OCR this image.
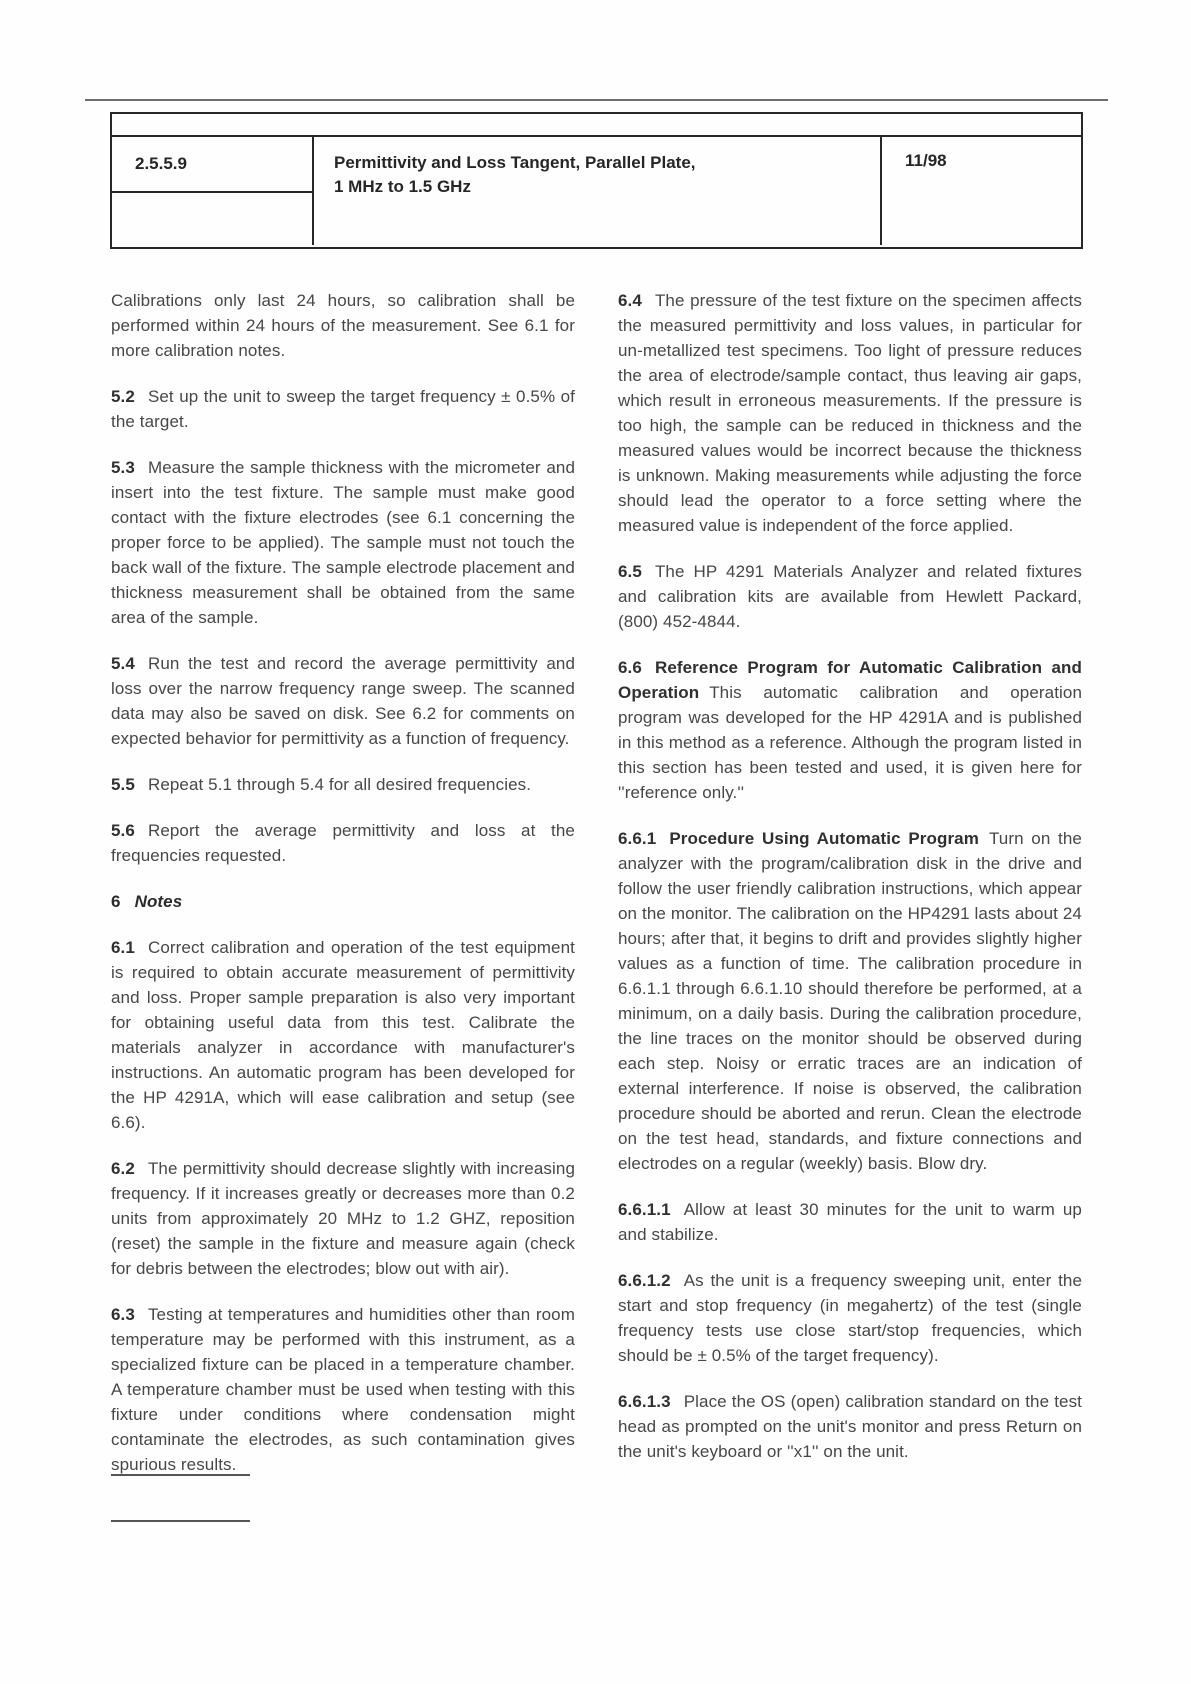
2.5.5.9	Permittivity and Loss Tangent, Parallel Plate,
1 MHz to 1.5 GHz
11/98
Calibrations only last 24 hours, so calibration shall be performed within 24 hours of the measurement. See 6.1 for more calibration notes.
5.2 Set up the unit to sweep the target frequency ± 0.5% of the target.
5.3 Measure the sample thickness with the micrometer and insert into the test fixture. The sample must make good contact with the fixture electrodes (see 6.1 concerning the proper force to be applied). The sample must not touch the back wall of the fixture. The sample electrode placement and thickness measurement shall be obtained from the same area of the sample.
5.4 Run the test and record the average permittivity and loss over the narrow frequency range sweep. The scanned data may also be saved on disk. See 6.2 for comments on expected behavior for permittivity as a function of frequency.
5.5 Repeat 5.1 through 5.4 for all desired frequencies.
5.6 Report the average permittivity and loss at the frequencies requested.
6 Notes
6.1 Correct calibration and operation of the test equipment is required to obtain accurate measurement of permittivity and loss. Proper sample preparation is also very important for obtaining useful data from this test. Calibrate the materials analyzer in accordance with manufacturer's instructions. An automatic program has been developed for the HP 4291A, which will ease calibration and setup (see 6.6).
6.2 The permittivity should decrease slightly with increasing frequency. If it increases greatly or decreases more than 0.2 units from approximately 20 MHz to 1.2 GHZ, reposition (reset) the sample in the fixture and measure again (check for debris between the electrodes; blow out with air).
6.3 Testing at temperatures and humidities other than room temperature may be performed with this instrument, as a specialized fixture can be placed in a temperature chamber. A temperature chamber must be used when testing with this fixture under conditions where condensation might contaminate the electrodes, as such contamination gives spurious results.
6.4 The pressure of the test fixture on the specimen affects the measured permittivity and loss values, in particular for un-metallized test specimens. Too light of pressure reduces the area of electrode/sample contact, thus leaving air gaps, which result in erroneous measurements. If the pressure is too high, the sample can be reduced in thickness and the measured values would be incorrect because the thickness is unknown. Making measurements while adjusting the force should lead the operator to a force setting where the measured value is independent of the force applied.
6.5 The HP 4291 Materials Analyzer and related fixtures and calibration kits are available from Hewlett Packard, (800) 452-4844.
6.6 Reference Program for Automatic Calibration and Operation This automatic calibration and operation program was developed for the HP 4291A and is published in this method as a reference. Although the program listed in this section has been tested and used, it is given here for ''reference only.''
6.6.1 Procedure Using Automatic Program Turn on the analyzer with the program/calibration disk in the drive and follow the user friendly calibration instructions, which appear on the monitor. The calibration on the HP4291 lasts about 24 hours; after that, it begins to drift and provides slightly higher values as a function of time. The calibration procedure in 6.6.1.1 through 6.6.1.10 should therefore be performed, at a minimum, on a daily basis. During the calibration procedure, the line traces on the monitor should be observed during each step. Noisy or erratic traces are an indication of external interference. If noise is observed, the calibration procedure should be aborted and rerun. Clean the electrode on the test head, standards, and fixture connections and electrodes on a regular (weekly) basis. Blow dry.
6.6.1.1 Allow at least 30 minutes for the unit to warm up and stabilize.
6.6.1.2 As the unit is a frequency sweeping unit, enter the start and stop frequency (in megahertz) of the test (single frequency tests use close start/stop frequencies, which should be ± 0.5% of the target frequency).
6.6.1.3 Place the OS (open) calibration standard on the test head as prompted on the unit's monitor and press Return on the unit's keyboard or ''x1'' on the unit.
